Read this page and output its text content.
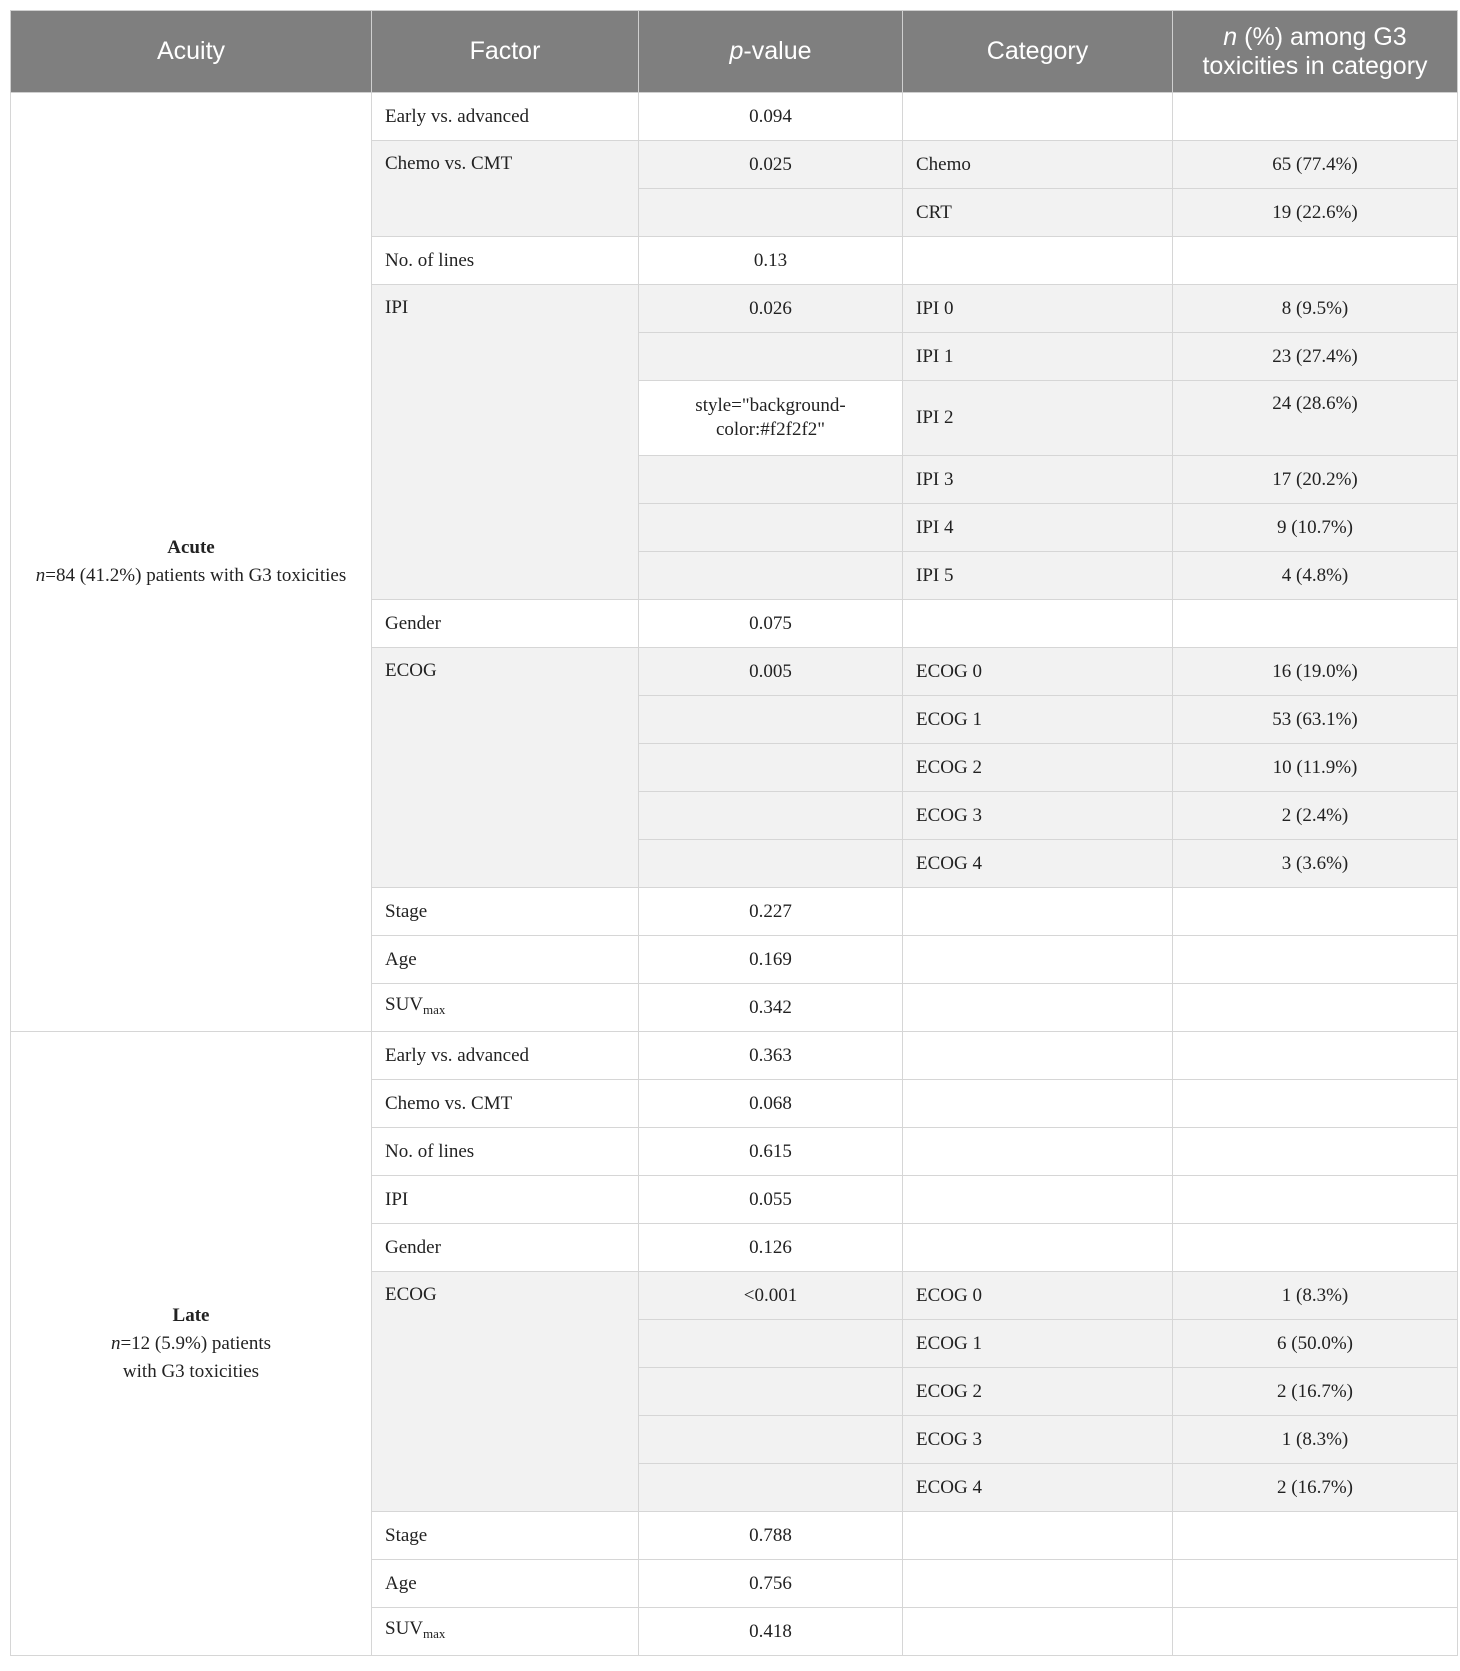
Acuity	Factor	p-value	Category	n (%) among G3
toxicities in category
Acute
n=84 (41.2%) patients with G3 toxicities	Early vs. advanced	0.094		
	Chemo vs. CMT	0.025	Chemo	65 (77.4%)
			CRT	19 (22.6%)
	No. of lines	0.13		
	IPI	0.026	IPI 0	8 (9.5%)
			IPI 1	23 (27.4%)
		style="background-color:#f2f2f2"	IPI 2	24 (28.6%)
			IPI 3	17 (20.2%)
			IPI 4	9 (10.7%)
			IPI 5	4 (4.8%)
	Gender	0.075		
	ECOG	0.005	ECOG 0	16 (19.0%)
			ECOG 1	53 (63.1%)
			ECOG 2	10 (11.9%)
			ECOG 3	2 (2.4%)
			ECOG 4	3 (3.6%)
	Stage	0.227		
	Age	0.169		
	$SUV_{max}$	0.342		
Late
n=12 (5.9%) patients
with G3 toxicities	Early vs. advanced	0.363		
	Chemo vs. CMT	0.068		
	No. of lines	0.615		
	IPI	0.055		
	Gender	0.126		
	ECOG	<0.001	ECOG 0	1 (8.3%)
			ECOG 1	6 (50.0%)
			ECOG 2	2 (16.7%)
			ECOG 3	1 (8.3%)
			ECOG 4	2 (16.7%)
	Stage	0.788		
	Age	0.756		
	$SUV_{max}$	0.418		
